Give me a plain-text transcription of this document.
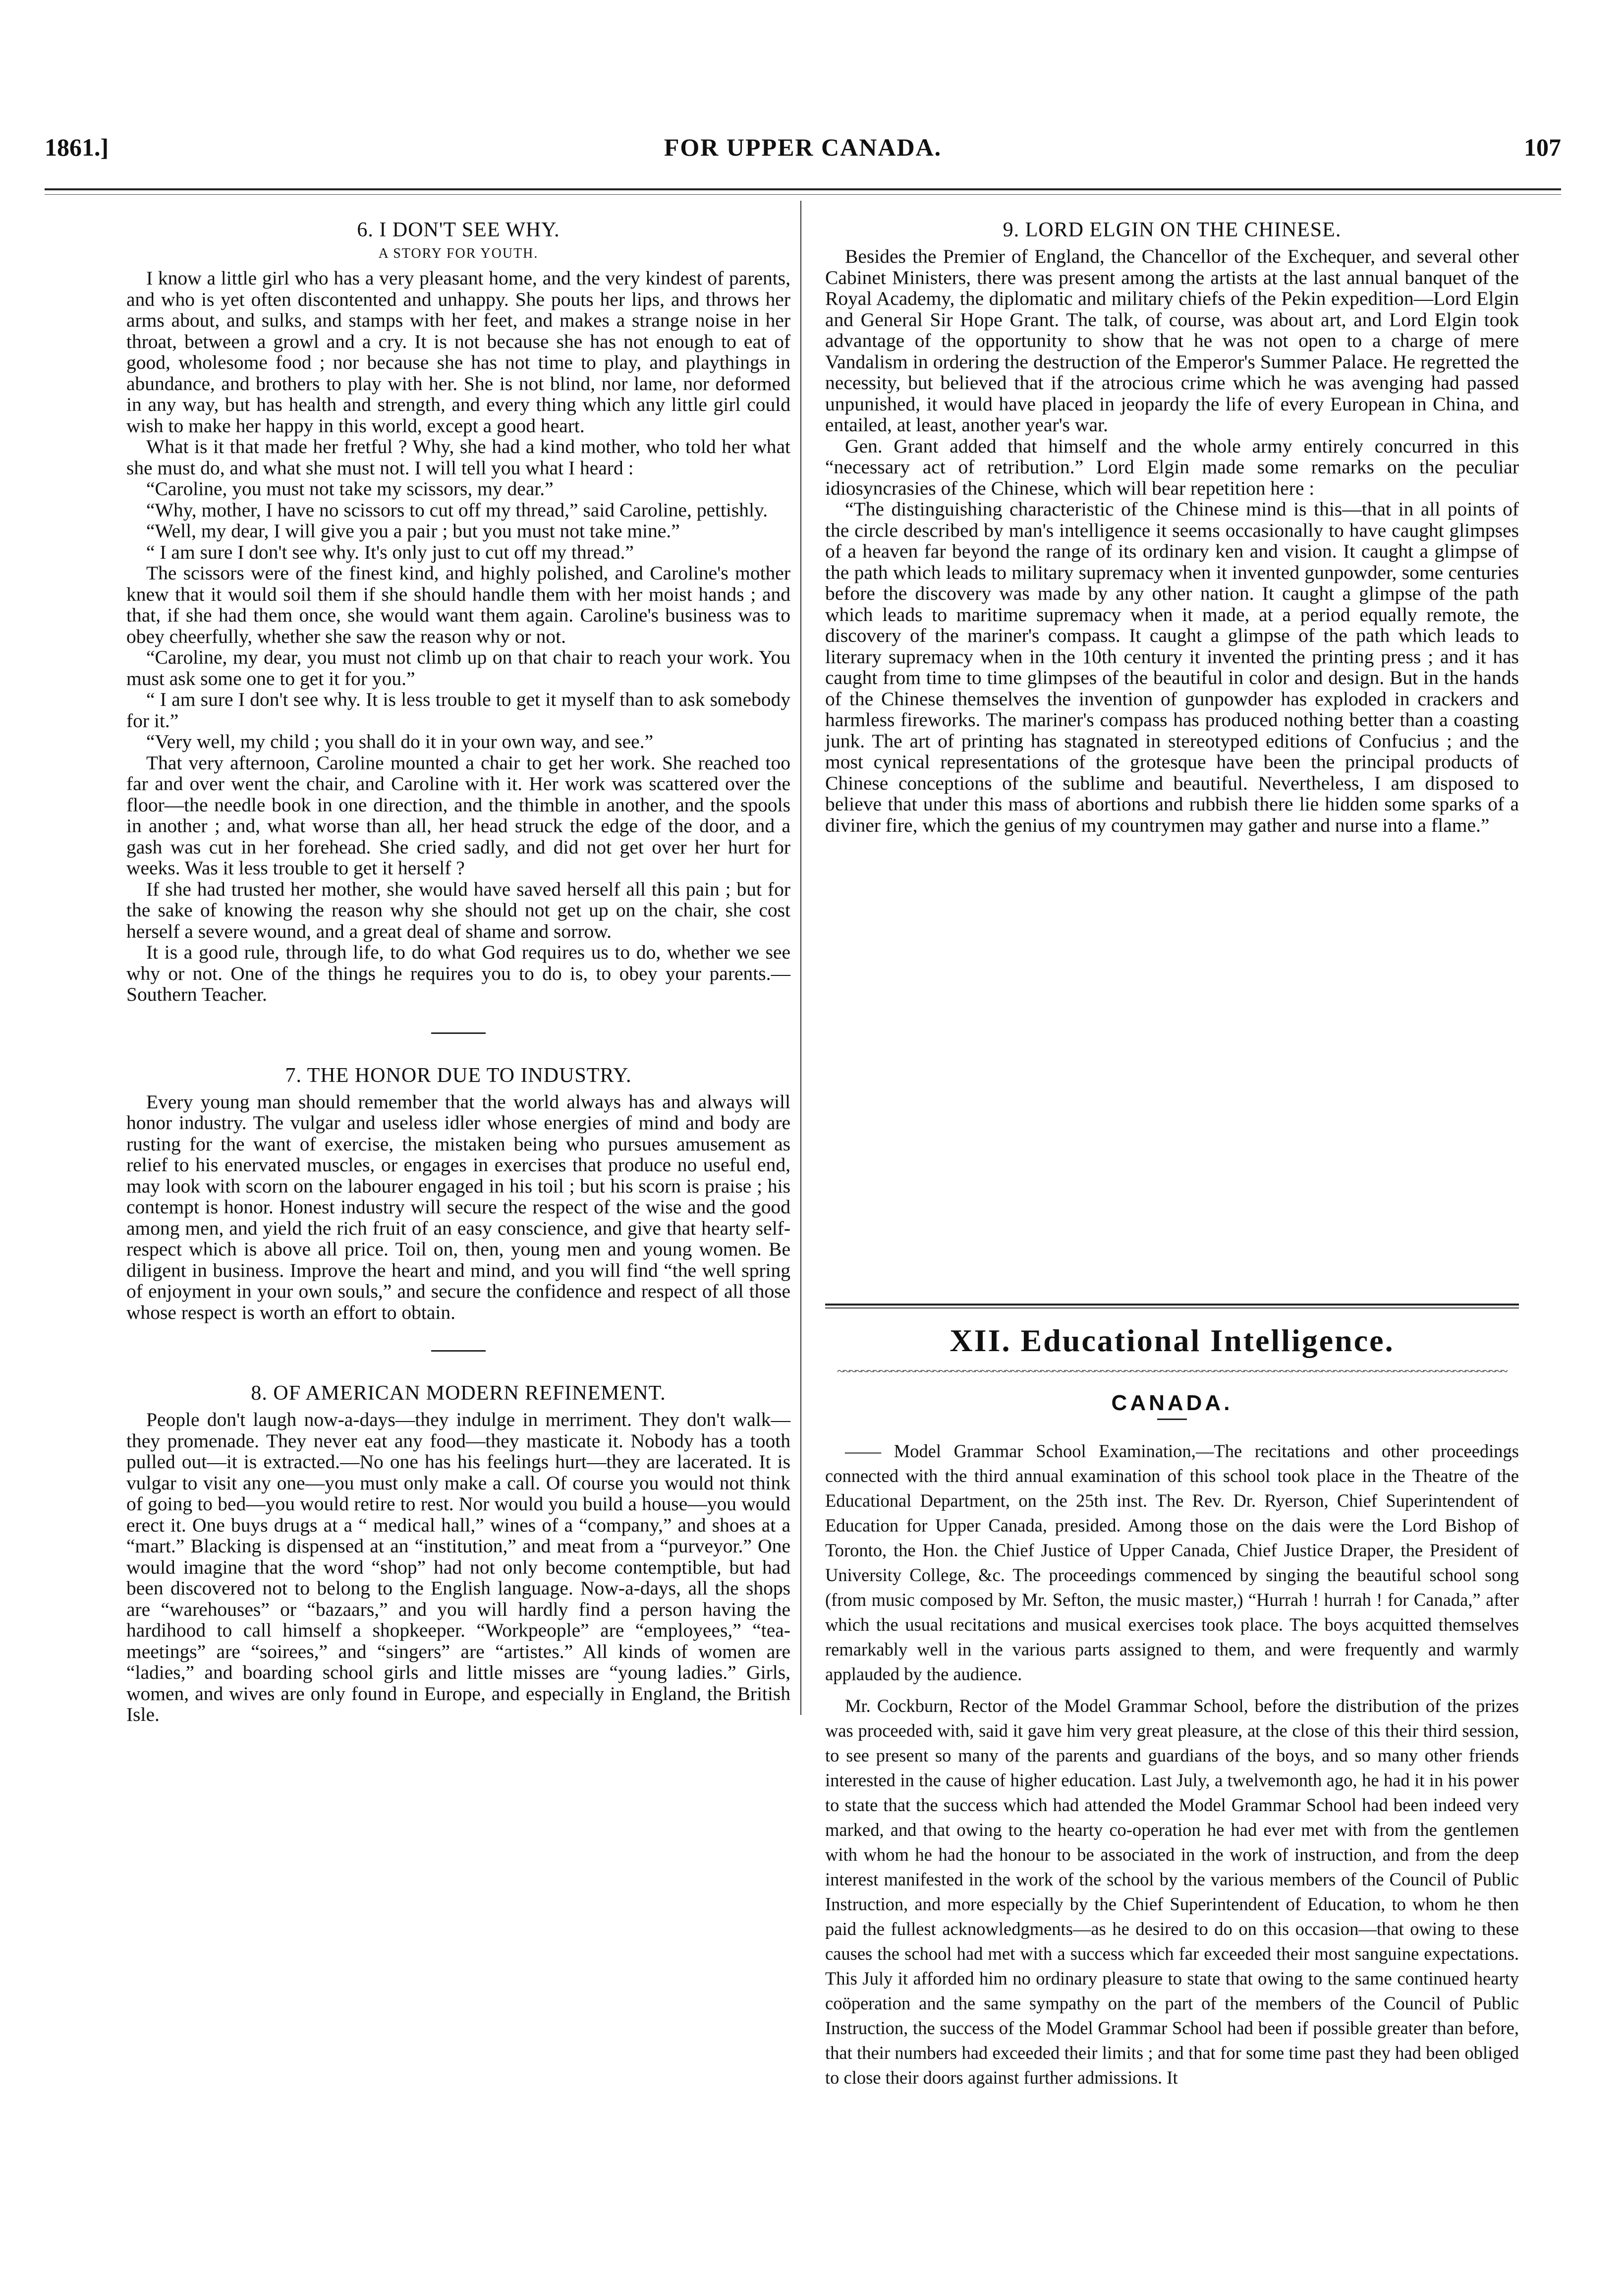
1861.]	FOR UPPER CANADA.	107
6. I DON'T SEE WHY.
A STORY FOR YOUTH.

I know a little girl who has a very pleasant home, and the very kindest of parents, and who is yet often discontented and unhappy. She pouts her lips, and throws her arms about, and sulks, and stamps with her feet, and makes a strange noise in her throat, between a growl and a cry. It is not because she has not enough to eat of good, wholesome food ; nor because she has not time to play, and playthings in abundance, and brothers to play with her. She is not blind, nor lame, nor deformed in any way, but has health and strength, and every thing which any little girl could wish to make her happy in this world, except a good heart.

What is it that made her fretful ? Why, she had a kind mother, who told her what she must do, and what she must not. I will tell you what I heard :

“Caroline, you must not take my scissors, my dear.”

“Why, mother, I have no scissors to cut off my thread,” said Caroline, pettishly.

“Well, my dear, I will give you a pair ; but you must not take mine.”

“ I am sure I don't see why. It's only just to cut off my thread.”

The scissors were of the finest kind, and highly polished, and Caroline's mother knew that it would soil them if she should handle them with her moist hands ; and that, if she had them once, she would want them again. Caroline's business was to obey cheerfully, whether she saw the reason why or not.

“Caroline, my dear, you must not climb up on that chair to reach your work. You must ask some one to get it for you.”

“ I am sure I don't see why. It is less trouble to get it myself than to ask somebody for it.”

“Very well, my child ; you shall do it in your own way, and see.”

That very afternoon, Caroline mounted a chair to get her work. She reached too far and over went the chair, and Caroline with it. Her work was scattered over the floor—the needle book in one direction, and the thimble in another, and the spools in another ; and, what worse than all, her head struck the edge of the door, and a gash was cut in her forehead. She cried sadly, and did not get over her hurt for weeks. Was it less trouble to get it herself ?

If she had trusted her mother, she would have saved herself all this pain ; but for the sake of knowing the reason why she should not get up on the chair, she cost herself a severe wound, and a great deal of shame and sorrow.

It is a good rule, through life, to do what God requires us to do, whether we see why or not. One of the things he requires you to do is, to obey your parents.—Southern Teacher.

7. THE HONOR DUE TO INDUSTRY.

Every young man should remember that the world always has and always will honor industry. The vulgar and useless idler whose energies of mind and body are rusting for the want of exercise, the mistaken being who pursues amusement as relief to his enervated muscles, or engages in exercises that produce no useful end, may look with scorn on the labourer engaged in his toil ; but his scorn is praise ; his contempt is honor. Honest industry will secure the respect of the wise and the good among men, and yield the rich fruit of an easy conscience, and give that hearty self-respect which is above all price. Toil on, then, young men and young women. Be diligent in business. Improve the heart and mind, and you will find “the well spring of enjoyment in your own souls,” and secure the confidence and respect of all those whose respect is worth an effort to obtain.

8. OF AMERICAN MODERN REFINEMENT.

People don't laugh now-a-days—they indulge in merriment. They don't walk—they promenade. They never eat any food—they masticate it. Nobody has a tooth pulled out—it is extracted.—No one has his feelings hurt—they are lacerated. It is vulgar to visit any one—you must only make a call. Of course you would not think of going to bed—you would retire to rest. Nor would you build a house—you would erect it. One buys drugs at a “ medical hall,” wines of a “company,” and shoes at a “mart.” Blacking is dispensed at an “institution,” and meat from a “purveyor.” One would imagine that the word “shop” had not only become contemptible, but had been discovered not to belong to the English language. Now-a-days, all the shops are “warehouses” or “bazaars,” and you will hardly find a person having the hardihood to call himself a shopkeeper. “Workpeople” are “employees,” “tea-meetings” are “soirees,” and “singers” are “artistes.” All kinds of women are “ladies,” and boarding school girls and little misses are “young ladies.” Girls, women, and wives are only found in Europe, and especially in England, the British Isle.

9. LORD ELGIN ON THE CHINESE.

Besides the Premier of England, the Chancellor of the Exchequer, and several other Cabinet Ministers, there was present among the artists at the last annual banquet of the Royal Academy, the diplomatic and military chiefs of the Pekin expedition—Lord Elgin and General Sir Hope Grant. The talk, of course, was about art, and Lord Elgin took advantage of the opportunity to show that he was not open to a charge of mere Vandalism in ordering the destruction of the Emperor's Summer Palace. He regretted the necessity, but believed that if the atrocious crime which he was avenging had passed unpunished, it would have placed in jeopardy the life of every European in China, and entailed, at least, another year's war.

Gen. Grant added that himself and the whole army entirely concurred in this “necessary act of retribution.” Lord Elgin made some remarks on the peculiar idiosyncrasies of the Chinese, which will bear repetition here :

“The distinguishing characteristic of the Chinese mind is this—that in all points of the circle described by man's intelligence it seems occasionally to have caught glimpses of a heaven far beyond the range of its ordinary ken and vision. It caught a glimpse of the path which leads to military supremacy when it invented gunpowder, some centuries before the discovery was made by any other nation. It caught a glimpse of the path which leads to maritime supremacy when it made, at a period equally remote, the discovery of the mariner's compass. It caught a glimpse of the path which leads to literary supremacy when in the 10th century it invented the printing press ; and it has caught from time to time glimpses of the beautiful in color and design. But in the hands of the Chinese themselves the invention of gunpowder has exploded in crackers and harmless fireworks. The mariner's compass has produced nothing better than a coasting junk. The art of printing has stagnated in stereotyped editions of Confucius ; and the most cynical representations of the grotesque have been the principal products of Chinese conceptions of the sublime and beautiful. Nevertheless, I am disposed to believe that under this mass of abortions and rubbish there lie hidden some sparks of a diviner fire, which the genius of my countrymen may gather and nurse into a flame.”

XII. Educational Intelligence.
~~~~~~~~~~~~~~~~~~~~~~~~~~~~~~~~~~~~~~~~~~~~~~~~~~~~~~~~~~~~~~~~~~~~~~~~~~~~~~~~~~~~~~~~~~~~~~~~~~~~~~~~~~~~~~~~
CANADA.

—— Model Grammar School Examination,—The recitations and other proceedings connected with the third annual examination of this school took place in the Theatre of the Educational Department, on the 25th inst. The Rev. Dr. Ryerson, Chief Superintendent of Education for Upper Canada, presided. Among those on the dais were the Lord Bishop of Toronto, the Hon. the Chief Justice of Upper Canada, Chief Justice Draper, the President of University College, &c. The proceedings commenced by singing the beautiful school song (from music composed by Mr. Sefton, the music master,) “Hurrah ! hurrah ! for Canada,” after which the usual recitations and musical exercises took place. The boys acquitted themselves remarkably well in the various parts assigned to them, and were frequently and warmly applauded by the audience.

Mr. Cockburn, Rector of the Model Grammar School, before the distribution of the prizes was proceeded with, said it gave him very great pleasure, at the close of this their third session, to see present so many of the parents and guardians of the boys, and so many other friends interested in the cause of higher education. Last July, a twelvemonth ago, he had it in his power to state that the success which had attended the Model Grammar School had been indeed very marked, and that owing to the hearty co-operation he had ever met with from the gentlemen with whom he had the honour to be associated in the work of instruction, and from the deep interest manifested in the work of the school by the various members of the Council of Public Instruction, and more especially by the Chief Superintendent of Education, to whom he then paid the fullest acknowledgments—as he desired to do on this occasion—that owing to these causes the school had met with a success which far exceeded their most sanguine expectations. This July it afforded him no ordinary pleasure to state that owing to the same continued hearty coöperation and the same sympathy on the part of the members of the Council of Public Instruction, the success of the Model Grammar School had been if possible greater than before, that their numbers had exceeded their limits ; and that for some time past they had been obliged to close their doors against further admissions. It
